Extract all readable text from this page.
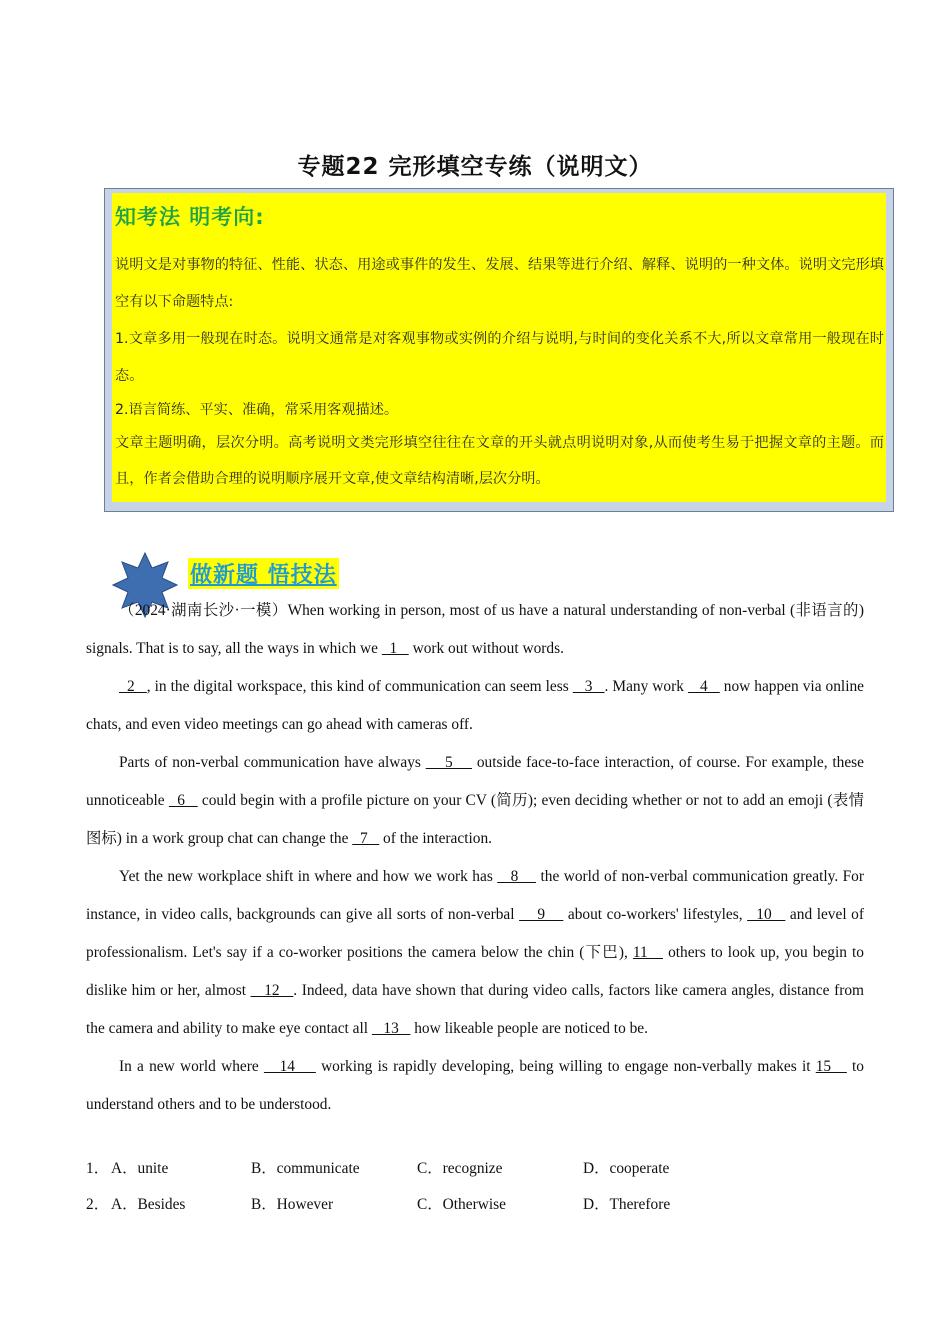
专题22 完形填空专练（说明文）

知考法 明考向:

说明文是对事物的特征、性能、状态、用途或事件的发生、发展、结果等进行介绍、解释、说明的一种文体。说明文完形填空有以下命题特点:

1.文章多用一般现在时态。说明文通常是对客观事物或实例的介绍与说明,与时间的变化关系不大,所以文章常用一般现在时态。

2.语言简练、平实、准确，常采用客观描述。

文章主题明确，层次分明。高考说明文类完形填空往往在文章的开头就点明说明对象,从而使考生易于把握文章的主题。而且，作者会借助合理的说明顺序展开文章,使文章结构清晰,层次分明。

做新题 悟技法

（2024·湖南长沙·一模）When working in person, most of us have a natural understanding of non-verbal (非语言的) signals. That is to say, all the ways in which we   1    work out without words.

2   , in the digital workspace, this kind of communication can seem less    3   . Many work    4    now happen via online chats, and even video meetings can go ahead with cameras off.

Parts of non-verbal communication have always     5     outside face-to-face interaction, of course. For example, these unnoticeable   6    could begin with a profile picture on your CV (简历); even deciding whether or not to add an emoji (表情图标) in a work group chat can change the   7    of the interaction.

Yet the new workplace shift in where and how we work has    8     the world of non-verbal communication greatly. For instance, in video calls, backgrounds can give all sorts of non-verbal     9     about co-workers' lifestyles,   10    and level of professionalism. Let's say if a co-worker positions the camera below the chin (下巴), 11    others to look up, you begin to dislike him or her, almost    12   . Indeed, data have shown that during video calls, factors like camera angles, distance from the camera and ability to make eye contact all    13    how likeable people are noticed to be.

In a new world where    14     working is rapidly developing, being willing to engage non-verbally makes it 15    to understand others and to be understood.

1． A．unite	B．communicate	C．recognize	D．cooperate
2． A．Besides	B．However	C．Otherwise	D．Therefore
